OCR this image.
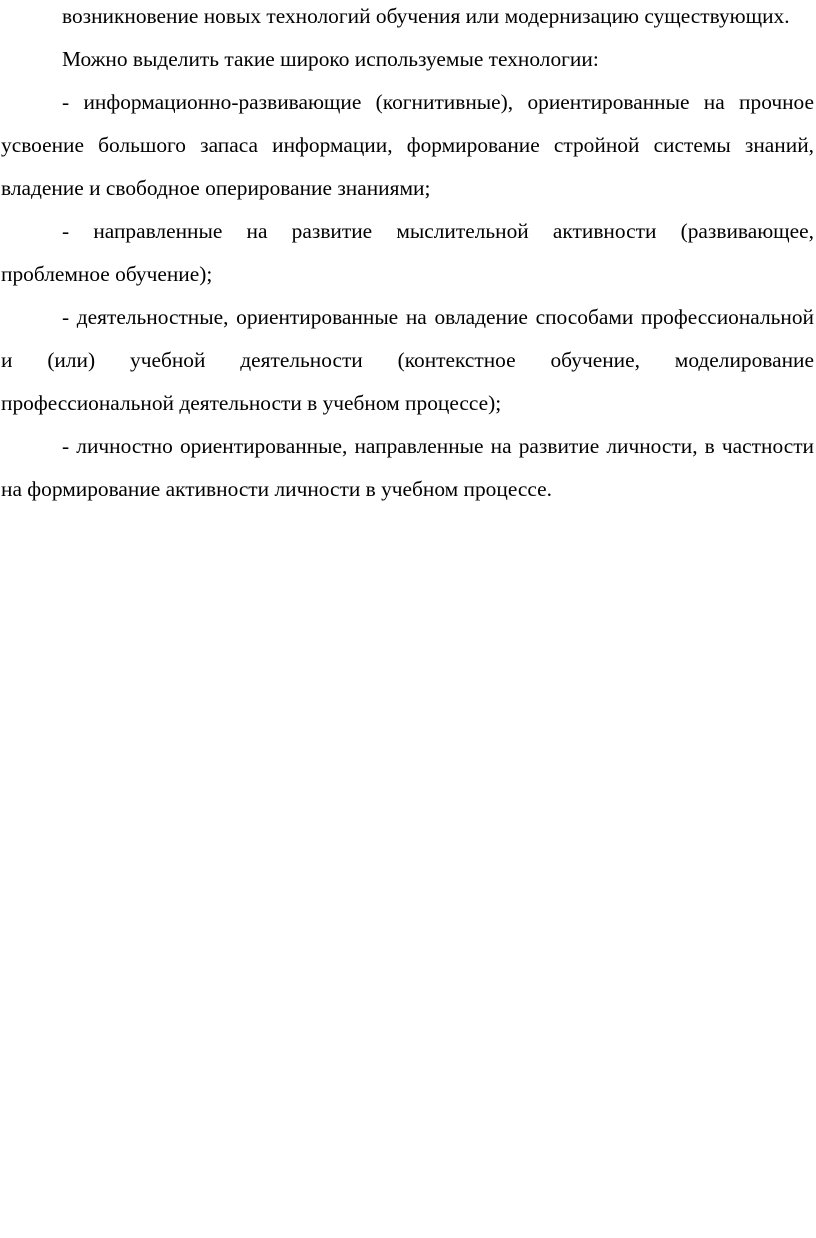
возникновение новых технологий обучения или модернизацию существующих.

Можно выделить такие широко используемые технологии:

- информационно-развивающие (когнитивные), ориентированные на прочное усвоение большого запаса информации, формирование стройной системы знаний, владение и свободное оперирование знаниями;

- направленные на развитие мыслительной активности (развивающее, проблемное обучение);

- деятельностные, ориентированные на овладение способами профессиональной и (или) учебной деятельности (контекстное обучение, моделирование профессиональной деятельности в учебном процессе);

- личностно ориентированные, направленные на развитие личности, в частности на формирование активности личности в учебном процессе.
